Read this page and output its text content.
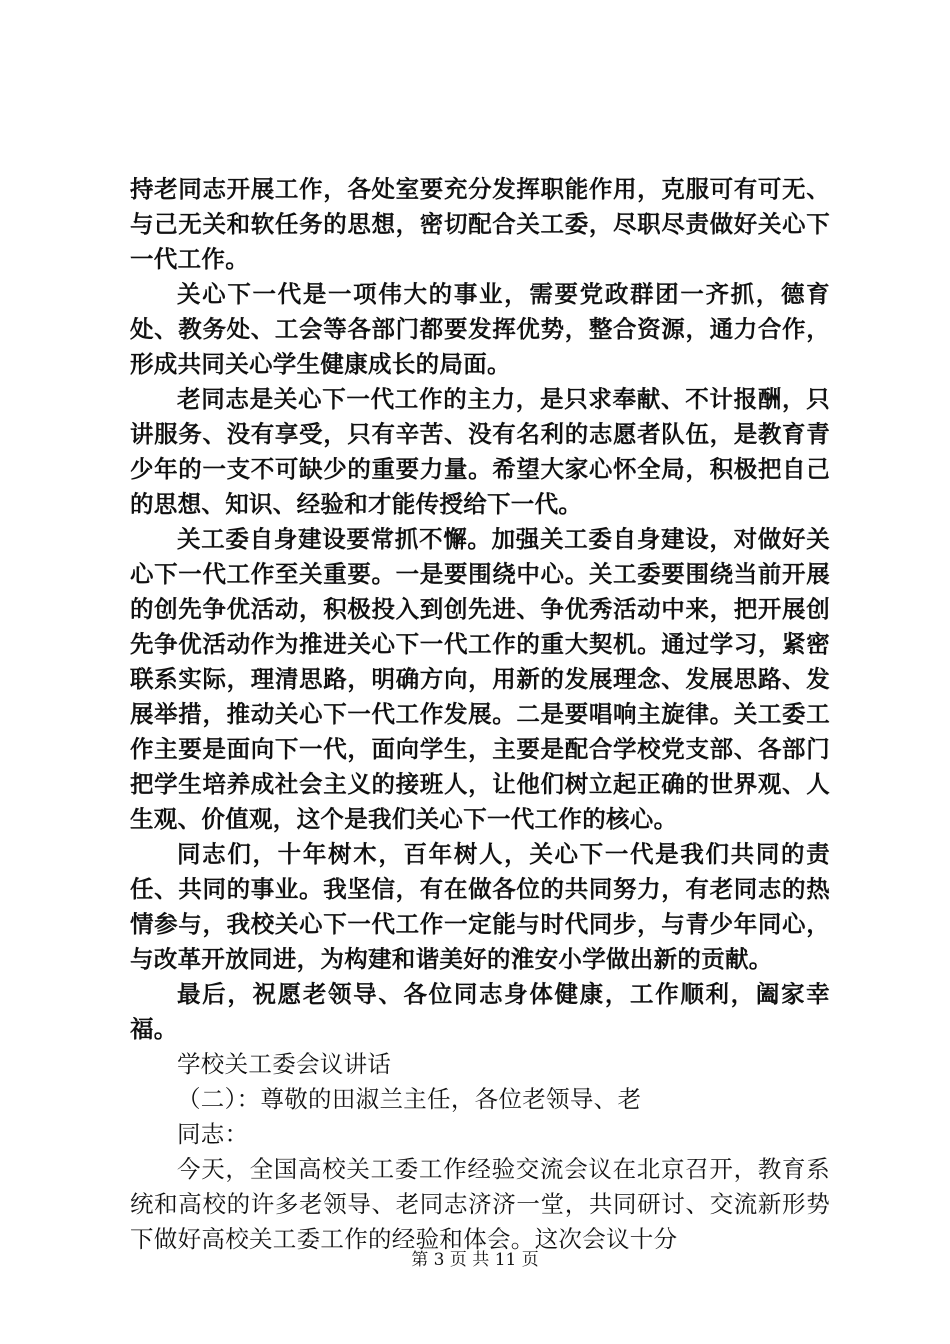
持老同志开展工作，各处室要充分发挥职能作用，克服可有可无、与己无关和软任务的思想，密切配合关工委，尽职尽责做好关心下一代工作。

关心下一代是一项伟大的事业，需要党政群团一齐抓，德育处、教务处、工会等各部门都要发挥优势，整合资源，通力合作，形成共同关心学生健康成长的局面。

老同志是关心下一代工作的主力，是只求奉献、不计报酬，只讲服务、没有享受，只有辛苦、没有名利的志愿者队伍，是教育青少年的一支不可缺少的重要力量。希望大家心怀全局，积极把自己的思想、知识、经验和才能传授给下一代。

关工委自身建设要常抓不懈。加强关工委自身建设，对做好关心下一代工作至关重要。一是要围绕中心。关工委要围绕当前开展的创先争优活动，积极投入到创先进、争优秀活动中来，把开展创先争优活动作为推进关心下一代工作的重大契机。通过学习，紧密联系实际，理清思路，明确方向，用新的发展理念、发展思路、发展举措，推动关心下一代工作发展。二是要唱响主旋律。关工委工作主要是面向下一代，面向学生，主要是配合学校党支部、各部门把学生培养成社会主义的接班人，让他们树立起正确的世界观、人生观、价值观，这个是我们关心下一代工作的核心。

同志们，十年树木，百年树人，关心下一代是我们共同的责任、共同的事业。我坚信，有在做各位的共同努力，有老同志的热情参与，我校关心下一代工作一定能与时代同步，与青少年同心，与改革开放同进，为构建和谐美好的淮安小学做出新的贡献。

最后，祝愿老领导、各位同志身体健康，工作顺利，阖家幸福。

学校关工委会议讲话

（二）：尊敬的田淑兰主任，各位老领导、老

同志：

今天，全国高校关工委工作经验交流会议在北京召开，教育系统和高校的许多老领导、老同志济济一堂，共同研讨、交流新形势下做好高校关工委工作的经验和体会。这次会议十分

第 3 页 共 11 页
